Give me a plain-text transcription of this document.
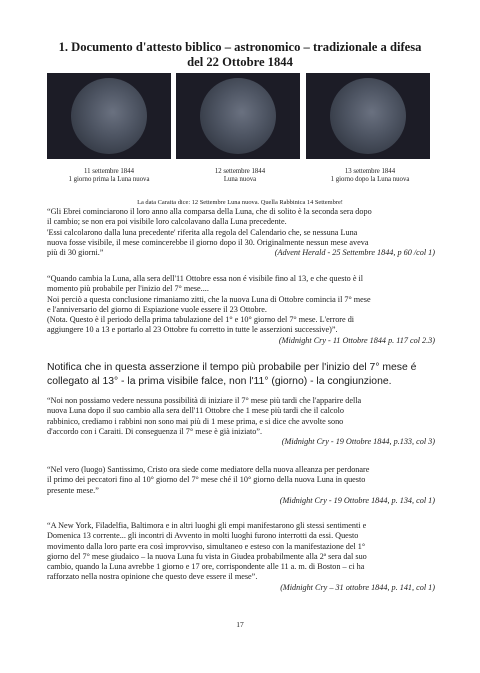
1. Documento d'attesto biblico – astronomico – tradizionale a difesa
del 22 Ottobre 1844
11 settembre 1844
1 giorno prima la Luna nuova
12 settembre 1844
Luna nuova
13 settembre 1844
1 giorno dopo la Luna nuova
La data Caraita dice: 12 Settembre Luna nuova. Quella Rabbinica 14 Settembre!

“Gli Ebrei cominciarono il loro anno alla comparsa della Luna, che di solito è la seconda sera dopo

il cambio; se non era poi visibile loro calcolavano dalla Luna precedente.

'Essi calcolarono dalla luna precedente' riferita alla regola del Calendario che, se nessuna Luna

nuova fosse visibile, il mese comincerebbe il giorno dopo il 30. Originalmente nessun mese aveva

più di 30 giorni.”	(Advent Herald - 25 Settembre 1844, p 60 /col 1)

“Quando cambia la Luna, alla sera dell'11 Ottobre essa non é visibile fino al 13, e che questo è il

momento più probabile per l'inizio del 7° mese....

Noi perciò a questa conclusione rimaniamo zitti, che la nuova Luna di Ottobre comincia il 7° mese

e l'anniversario del giorno di Espiazione vuole essere il 23 Ottobre.

(Nota. Questo è il periodo della prima tabulazione del 1° e 10° giorno del 7° mese. L'errore di

aggiungere 10 a 13 e portarlo al 23 Ottobre fu corretto in tutte le asserzioni successive)”.

(Midnight Cry - 11 Ottobre 1844 p. 117 col 2.3)

Notifica che in questa asserzione il tempo più probabile per l'inizio del 7° mese é
collegato al 13° - la prima visibile falce, non l'11° (giorno) - la congiunzione.

“Noi non possiamo vedere nessuna possibilità di iniziare il 7° mese più tardi che l'apparire della

nuova Luna dopo il suo cambio alla sera dell'11 Ottobre che 1 mese più tardi che il calcolo

rabbinico, crediamo i rabbini non sono mai più di 1 mese prima, e si dice che avvolte sono

d'accordo con i Caraiti. Di conseguenza il 7° mese è già iniziato”.

(Midnight Cry - 19 Ottobre 1844, p.133, col 3)

“Nel vero (luogo) Santissimo, Cristo ora siede come mediatore della nuova alleanza per perdonare

il primo dei peccatori fino al 10° giorno del 7° mese ché il 10° giorno della nuova Luna in questo

presente mese.”

(Midnight Cry - 19 Ottobre 1844, p. 134, col 1)

“A New York, Filadelfia, Baltimora e in altri luoghi gli empi manifestarono gli stessi sentimenti e

Domenica 13 corrente... gli incontri di Avvento in molti luoghi furono interrotti da essi. Questo

movimento dalla loro parte era così improvviso, simultaneo e esteso con la manifestazione del 1°

giorno del 7° mese giudaico – la nuova Luna fu vista in Giudea probabilmente alla 2ª sera dal suo

cambio, quando la Luna avrebbe 1 giorno e 17 ore, corrispondente alle 11 a. m. di Boston – ci ha

rafforzato nella nostra opinione che questo deve essere il mese”.

(Midnight Cry – 31 ottobre 1844, p. 141, col 1)

17
